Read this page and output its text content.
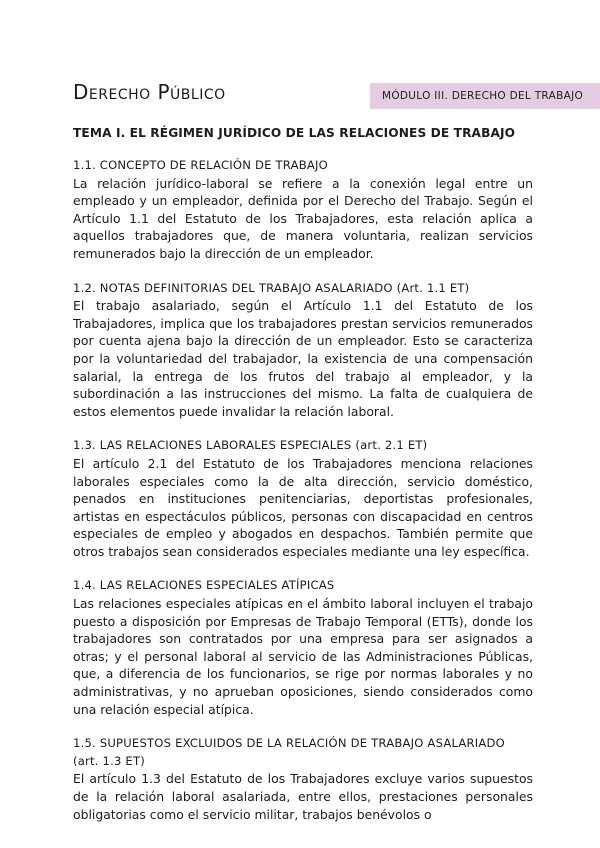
Derecho Público	MÓDULO III. DERECHO DEL TRABAJO
TEMA I. EL RÉGIMEN JURÍDICO DE LAS RELACIONES DE TRABAJO
1.1. CONCEPTO DE RELACIÓN DE TRABAJO
La relación jurídico-laboral se refiere a la conexión legal entre un empleado y un empleador, definida por el Derecho del Trabajo. Según el Artículo 1.1 del Estatuto de los Trabajadores, esta relación aplica a aquellos trabajadores que, de manera voluntaria, realizan servicios remunerados bajo la dirección de un empleador.
1.2. NOTAS DEFINITORIAS DEL TRABAJO ASALARIADO (Art. 1.1 ET)
El trabajo asalariado, según el Artículo 1.1 del Estatuto de los Trabajadores, implica que los trabajadores prestan servicios remunerados por cuenta ajena bajo la dirección de un empleador. Esto se caracteriza por la voluntariedad del trabajador, la existencia de una compensación salarial, la entrega de los frutos del trabajo al empleador, y la subordinación a las instrucciones del mismo. La falta de cualquiera de estos elementos puede invalidar la relación laboral.
1.3. LAS RELACIONES LABORALES ESPECIALES (art. 2.1 ET)
El artículo 2.1 del Estatuto de los Trabajadores menciona relaciones laborales especiales como la de alta dirección, servicio doméstico, penados en instituciones penitenciarias, deportistas profesionales, artistas en espectáculos públicos, personas con discapacidad en centros especiales de empleo y abogados en despachos. También permite que otros trabajos sean considerados especiales mediante una ley específica.
1.4. LAS RELACIONES ESPECIALES ATÍPICAS
Las relaciones especiales atípicas en el ámbito laboral incluyen el trabajo puesto a disposición por Empresas de Trabajo Temporal (ETTs), donde los trabajadores son contratados por una empresa para ser asignados a otras; y el personal laboral al servicio de las Administraciones Públicas, que, a diferencia de los funcionarios, se rige por normas laborales y no administrativas, y no aprueban oposiciones, siendo considerados como una relación especial atípica.
1.5. SUPUESTOS EXCLUIDOS DE LA RELACIÓN DE TRABAJO ASALARIADO (art. 1.3 ET)
El artículo 1.3 del Estatuto de los Trabajadores excluye varios supuestos de la relación laboral asalariada, entre ellos, prestaciones personales obligatorias como el servicio militar, trabajos benévolos o
